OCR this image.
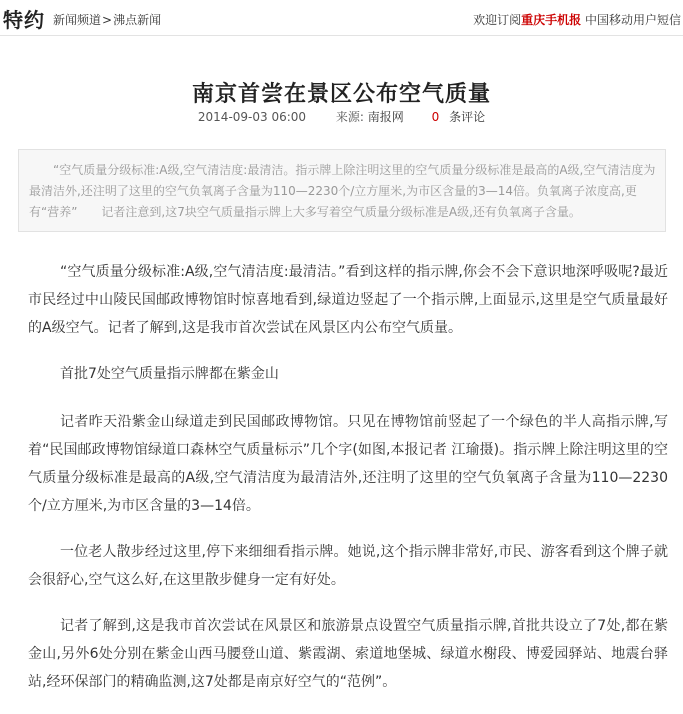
特约 新闻频道>沸点新闻	欢迎订阅重庆手机报 中国移动用户短信
南京首尝在景区公布空气质量
2014-09-03 06:00 来源: 南报网 0 条评论
“空气质量分级标准:A级,空气清洁度:最清洁。指示牌上除注明这里的空气质量分级标准是最高的A级,空气清洁度为最清洁外,还注明了这里的空气负氧离子含量为110—2230个/立方厘米,为市区含量的3—14倍。负氧离子浓度高,更有“营养”　　记者注意到,这7块空气质量指示牌上大多写着空气质量分级标准是A级,还有负氧离子含量。

“空气质量分级标准:A级,空气清洁度:最清洁。”看到这样的指示牌,你会不会下意识地深呼吸呢?最近市民经过中山陵民国邮政博物馆时惊喜地看到,绿道边竖起了一个指示牌,上面显示,这里是空气质量最好的A级空气。记者了解到,这是我市首次尝试在风景区内公布空气质量。

首批7处空气质量指示牌都在紫金山

记者昨天沿紫金山绿道走到民国邮政博物馆。只见在博物馆前竖起了一个绿色的半人高指示牌,写着“民国邮政博物馆绿道口森林空气质量标示”几个字(如图,本报记者 江瑜摄)。指示牌上除注明这里的空气质量分级标准是最高的A级,空气清洁度为最清洁外,还注明了这里的空气负氧离子含量为110—2230个/立方厘米,为市区含量的3—14倍。

一位老人散步经过这里,停下来细细看指示牌。她说,这个指示牌非常好,市民、游客看到这个牌子就会很舒心,空气这么好,在这里散步健身一定有好处。

记者了解到,这是我市首次尝试在风景区和旅游景点设置空气质量指示牌,首批共设立了7处,都在紫金山,另外6处分别在紫金山西马腰登山道、紫霞湖、索道地堡城、绿道水榭段、博爱园驿站、地震台驿站,经环保部门的精确监测,这7处都是南京好空气的“范例”。
